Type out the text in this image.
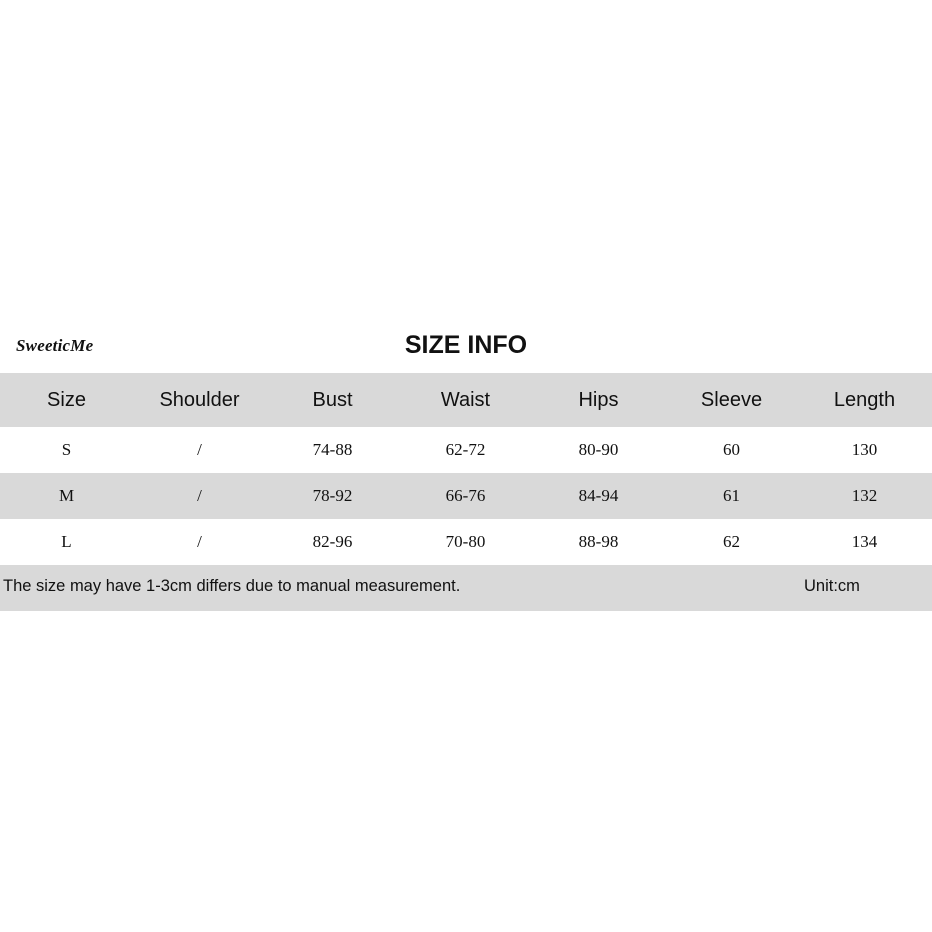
SweeticMe	SIZE INFO
Size	Shoulder	Bust	Waist	Hips	Sleeve	Length
S	/	74-88	62-72	80-90	60	130
M	/	78-92	66-76	84-94	61	132
L	/	82-96	70-80	88-98	62	134
The size may have 1-3cm differs due to manual measurement.	Unit:cm
